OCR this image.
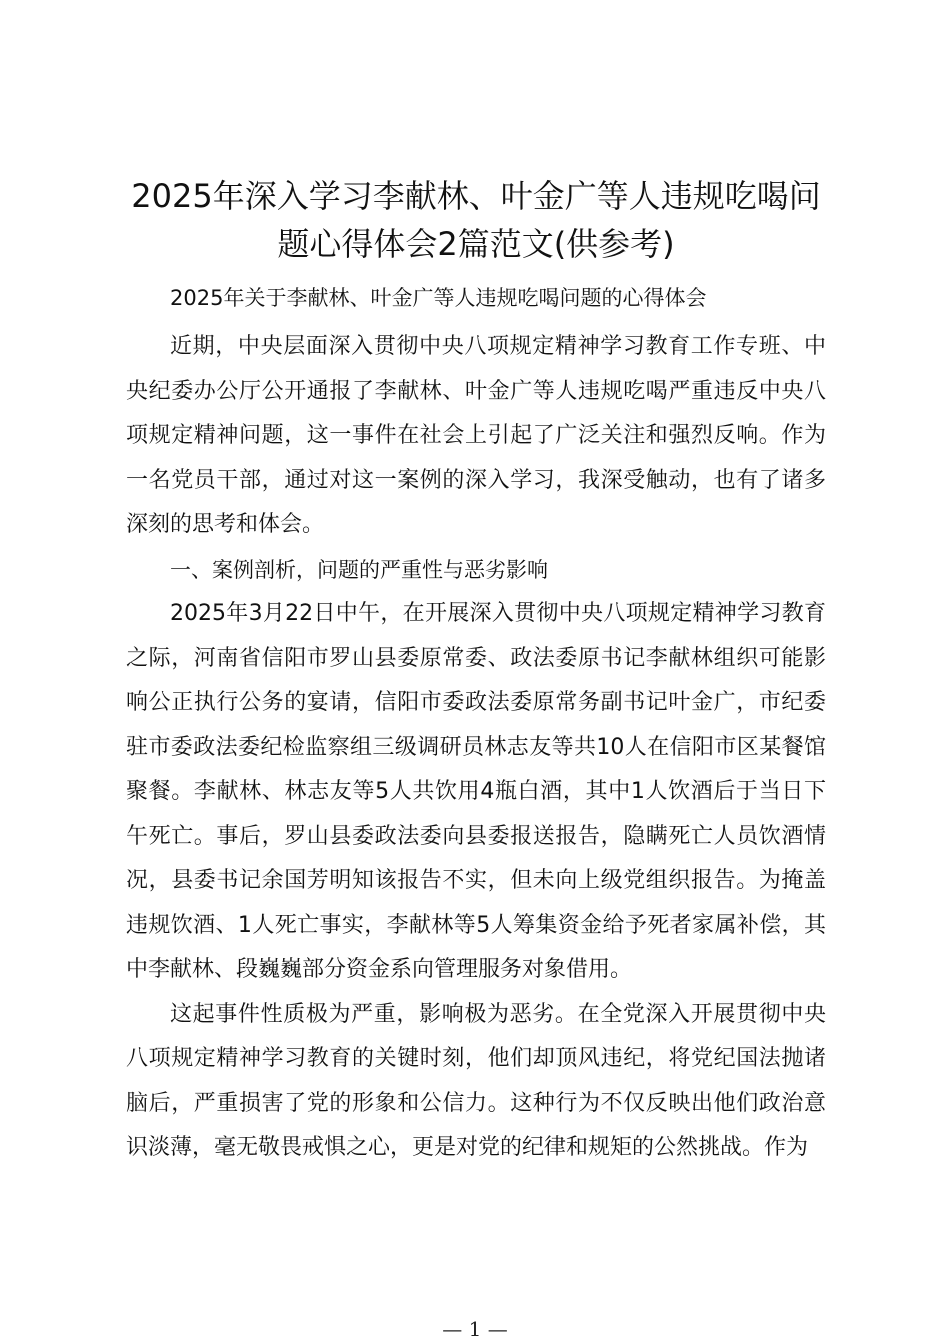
2025年深入学习李献林、叶金广等人违规吃喝问题心得体会2篇范文(供参考)
2025年关于李献林、叶金广等人违规吃喝问题的心得体会

近期，中央层面深入贯彻中央八项规定精神学习教育工作专班、中央纪委办公厅公开通报了李献林、叶金广等人违规吃喝严重违反中央八项规定精神问题，这一事件在社会上引起了广泛关注和强烈反响。作为一名党员干部，通过对这一案例的深入学习，我深受触动，也有了诸多深刻的思考和体会。

一、案例剖析，问题的严重性与恶劣影响

2025年3月22日中午，在开展深入贯彻中央八项规定精神学习教育之际，河南省信阳市罗山县委原常委、政法委原书记李献林组织可能影响公正执行公务的宴请，信阳市委政法委原常务副书记叶金广，市纪委驻市委政法委纪检监察组三级调研员林志友等共10人在信阳市区某餐馆聚餐。李献林、林志友等5人共饮用4瓶白酒，其中1人饮酒后于当日下午死亡。事后，罗山县委政法委向县委报送报告，隐瞒死亡人员饮酒情况，县委书记余国芳明知该报告不实，但未向上级党组织报告。为掩盖违规饮酒、1人死亡事实，李献林等5人筹集资金给予死者家属补偿，其中李献林、段巍巍部分资金系向管理服务对象借用。

这起事件性质极为严重，影响极为恶劣。在全党深入开展贯彻中央八项规定精神学习教育的关键时刻，他们却顶风违纪，将党纪国法抛诸脑后，严重损害了党的形象和公信力。这种行为不仅反映出他们政治意识淡薄，毫无敬畏戒惧之心，更是对党的纪律和规矩的公然挑战。作为

— 1 —
